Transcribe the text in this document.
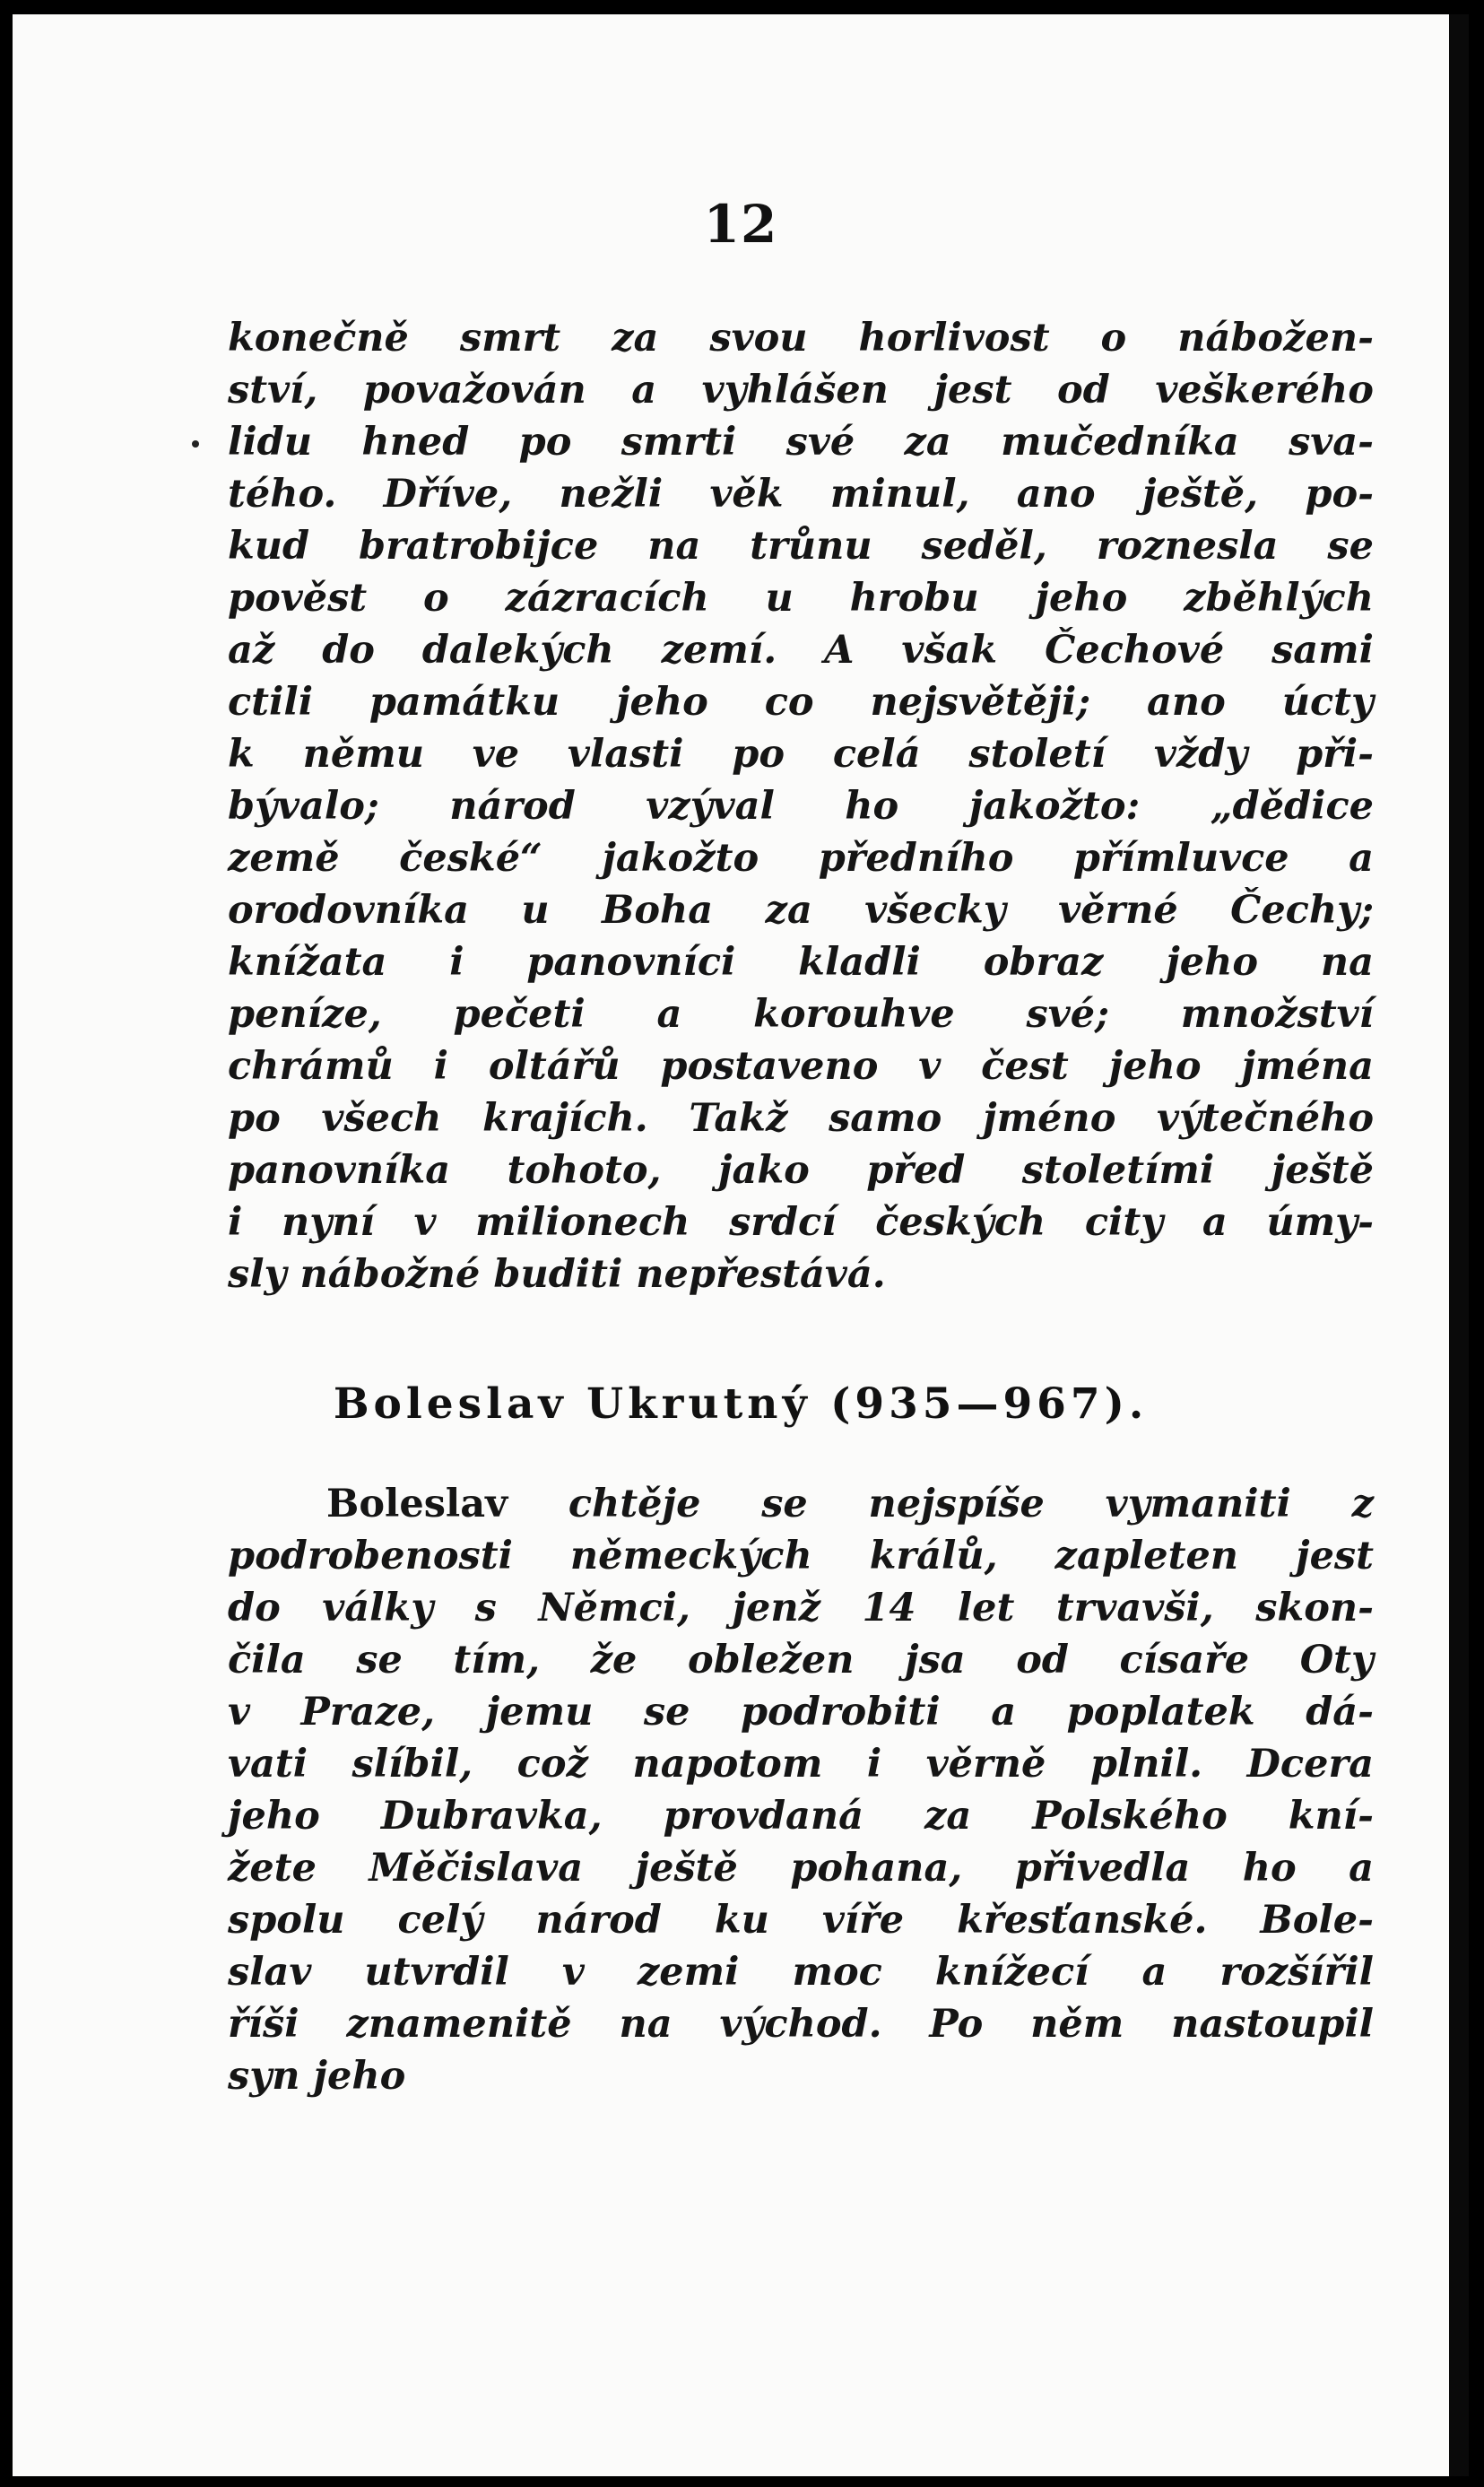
12
konečně smrt za svou horlivost o nábožen-
ství, považován a vyhlášen jest od veškerého
lidu hned po smrti své za mučedníka sva-
tého. Dříve, nežli věk minul, ano ještě, po-
kud bratrobijce na trůnu seděl, roznesla se
pověst o zázracích u hrobu jeho zběhlých
až do dalekých zemí. A však Čechové sami
ctili památku jeho co nejsvětěji; ano úcty
k němu ve vlasti po celá století vždy při-
bývalo; národ vzýval ho jakožto: „dědice
země české“ jakožto předního přímluvce a
orodovníka u Boha za všecky věrné Čechy;
knížata i panovníci kladli obraz jeho na
peníze, pečeti a korouhve své; množství
chrámů i oltářů postaveno v čest jeho jména
po všech krajích. Takž samo jméno výtečného
panovníka tohoto, jako před stoletími ještě
i nyní v milionech srdcí českých city a úmy-
sly nábožné buditi nepřestává.
Boleslav Ukrutný (935—967).
Boleslav chtěje se nejspíše vymaniti z
podrobenosti německých králů, zapleten jest
do války s Němci, jenž 14 let trvavši, skon-
čila se tím, že obležen jsa od císaře Oty
v Praze, jemu se podrobiti a poplatek dá-
vati slíbil, což napotom i věrně plnil. Dcera
jeho Dubravka, provdaná za Polského kní-
žete Měčislava ještě pohana, přivedla ho a
spolu celý národ ku víře křesťanské. Bole-
slav utvrdil v zemi moc knížecí a rozšířil
říši znamenitě na východ. Po něm nastoupil
syn jeho
